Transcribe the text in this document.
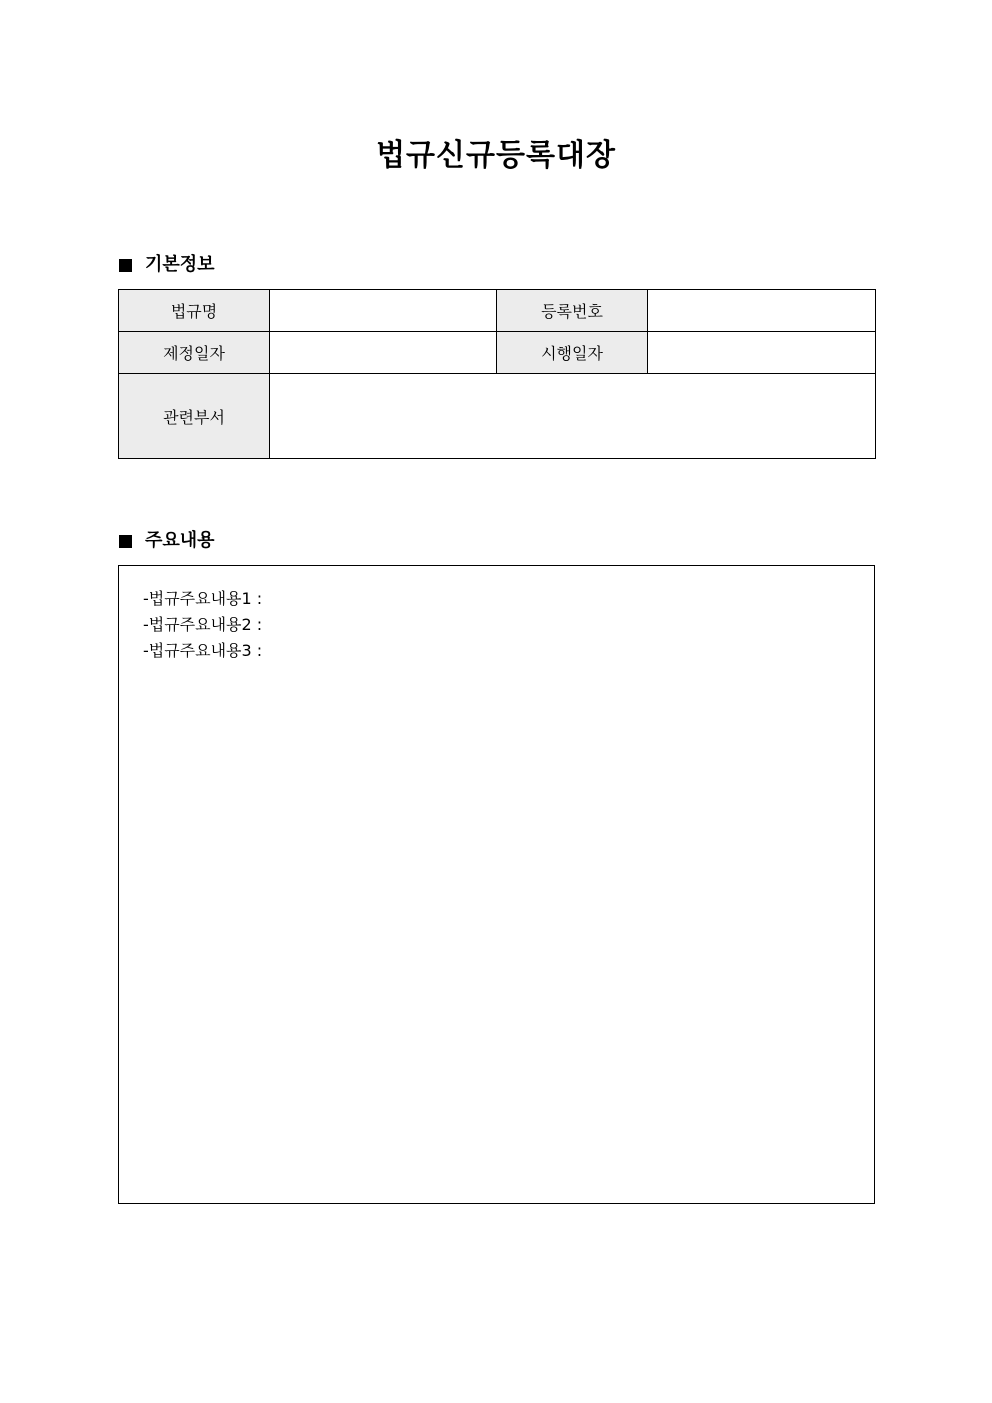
법규신규등록대장
기본정보
법규명		등록번호	
제정일자		시행일자	
관련부서			
주요내용
-법규주요내용1 :
-법규주요내용2 :
-법규주요내용3 :
